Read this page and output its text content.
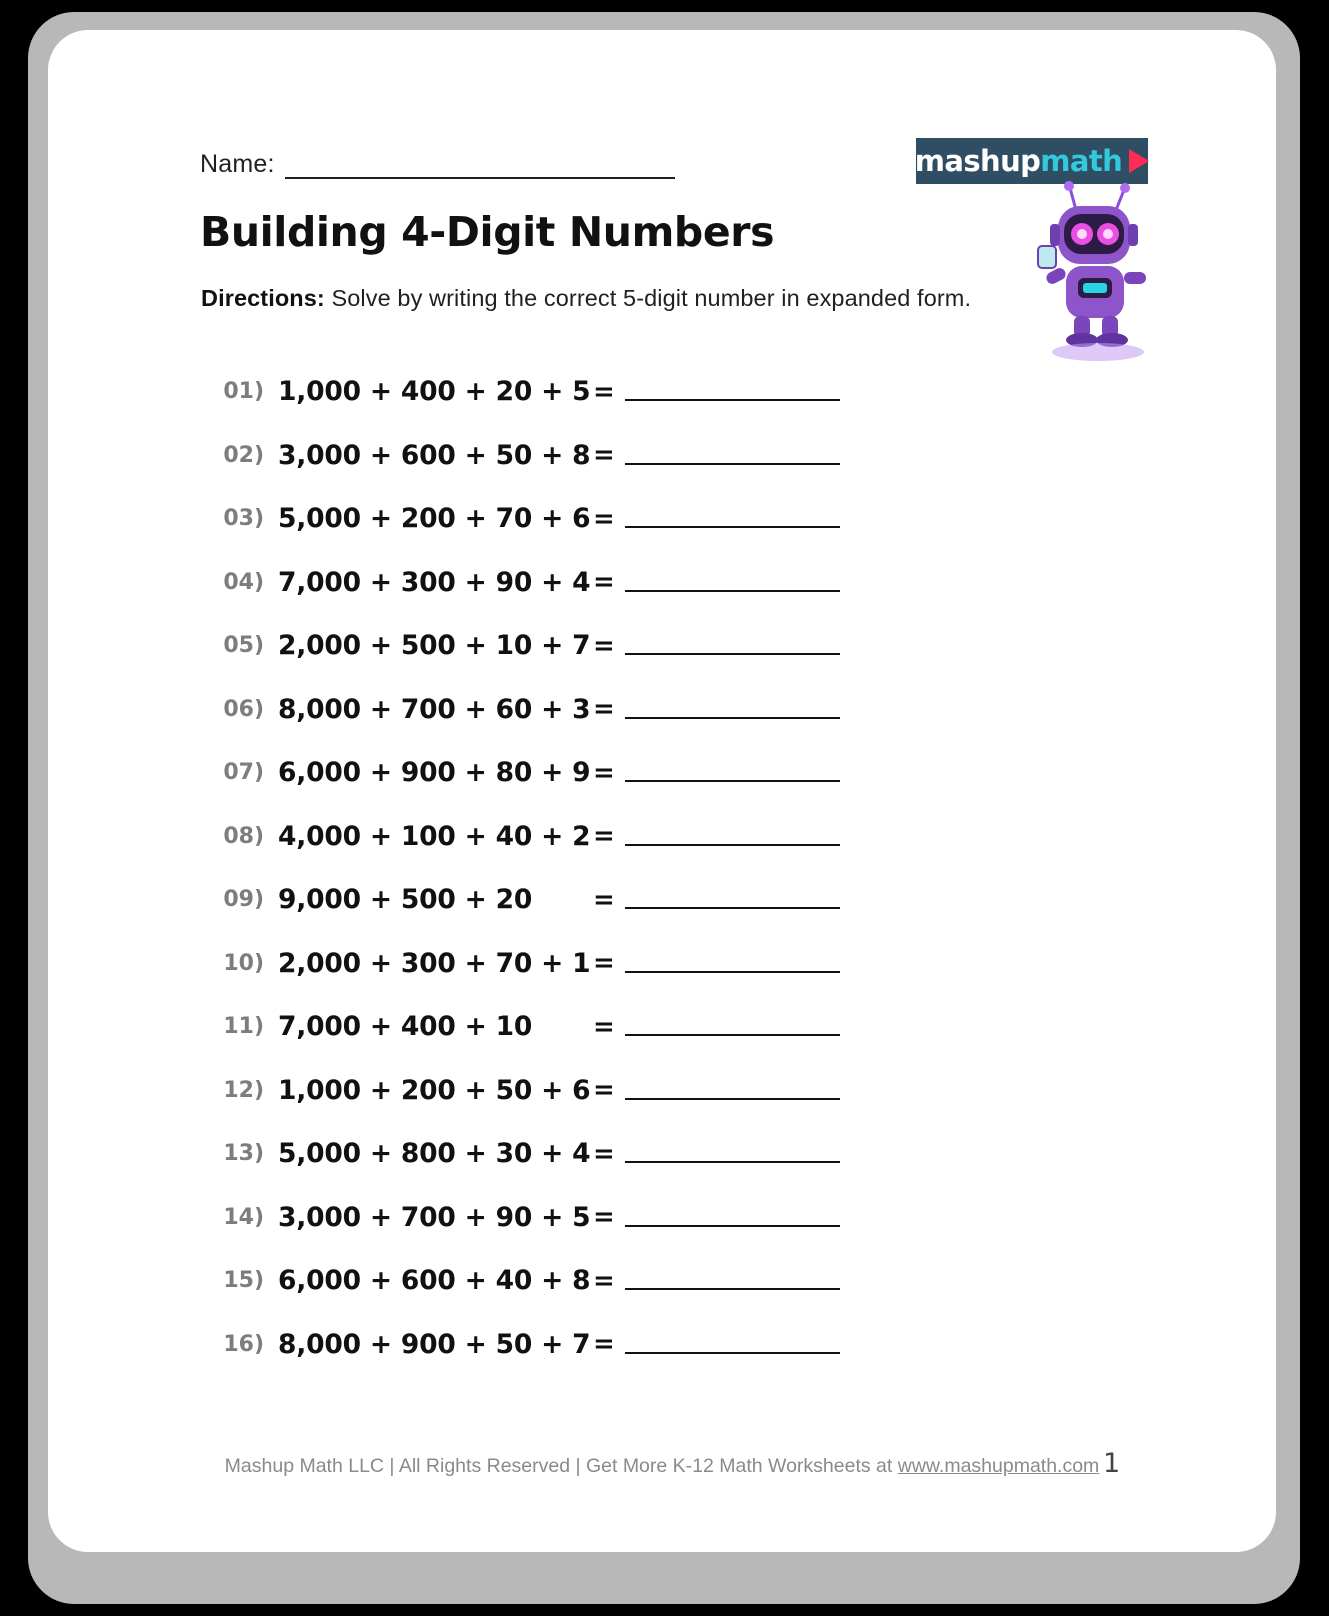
Name:
Building 4-Digit Numbers
Directions: Solve by writing the correct 5-digit number in expanded form.
mashup math
01) 1,000 + 400 + 20 + 5 =
02) 3,000 + 600 + 50 + 8 =
03) 5,000 + 200 + 70 + 6 =
04) 7,000 + 300 + 90 + 4 =
05) 2,000 + 500 + 10 + 7 =
06) 8,000 + 700 + 60 + 3 =
07) 6,000 + 900 + 80 + 9 =
08) 4,000 + 100 + 40 + 2 =
09) 9,000 + 500 + 20	=
10) 2,000 + 300 + 70 + 1 =
11) 7,000 + 400 + 10	=
12) 1,000 + 200 + 50 + 6 =
13) 5,000 + 800 + 30 + 4 =
14) 3,000 + 700 + 90 + 5 =
15) 6,000 + 600 + 40 + 8 =
16) 8,000 + 900 + 50 + 7 =
Mashup Math LLC | All Rights Reserved | Get More K-12 Math Worksheets at www.mashupmath.com 1
